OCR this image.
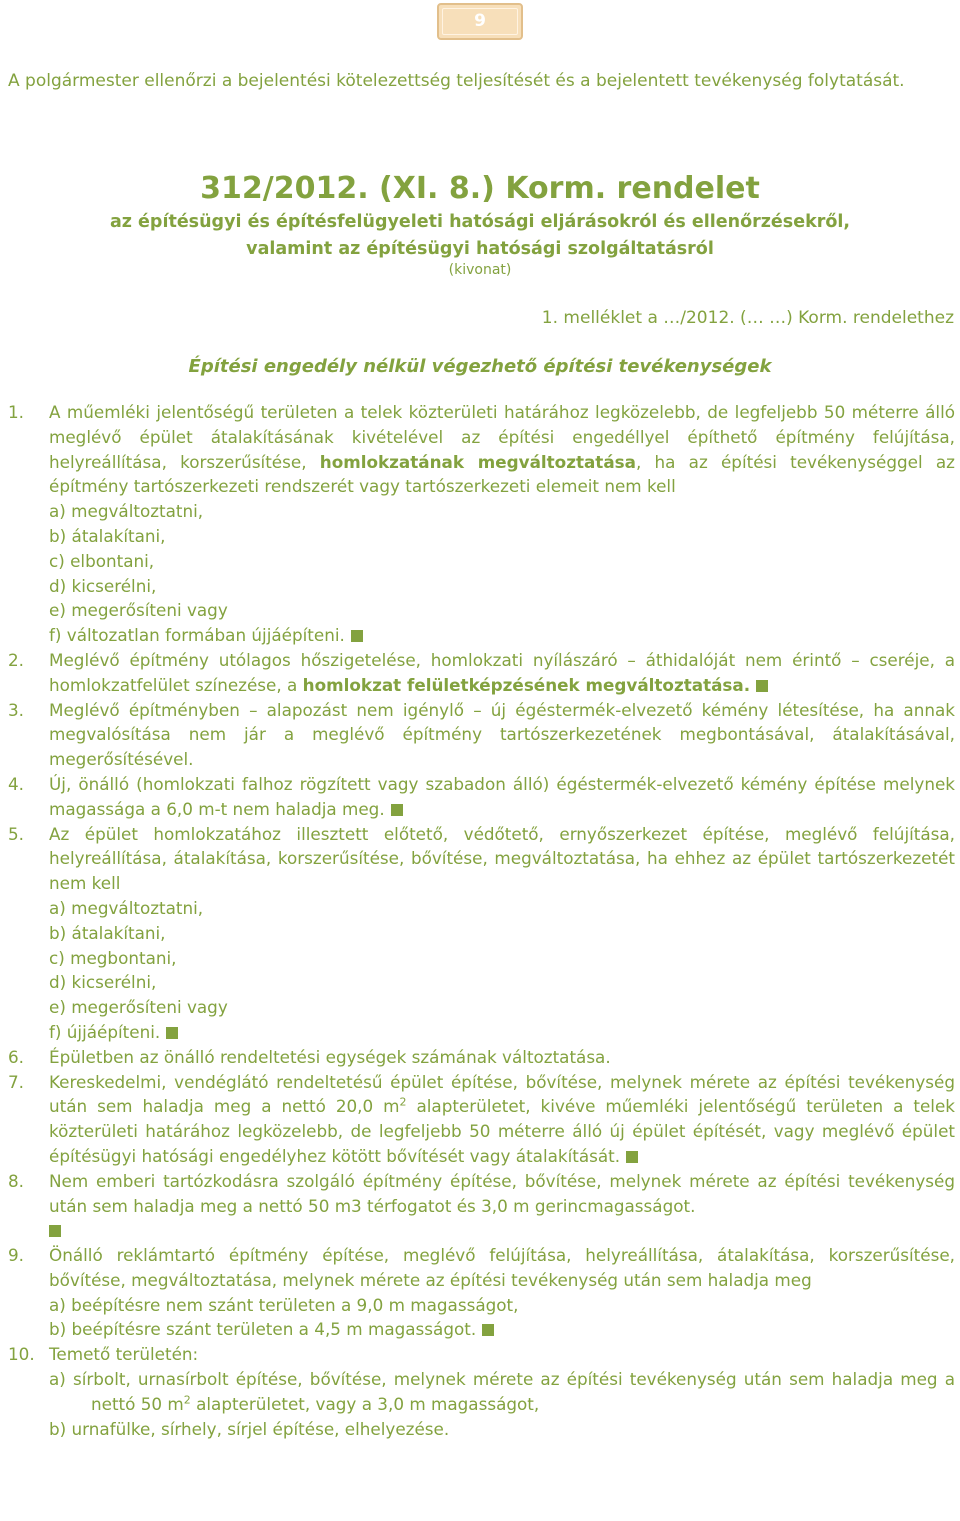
9
A polgármester ellenőrzi a bejelentési kötelezettség teljesítését és a bejelentett tevékenység folytatását.
312/2012. (XI. 8.) Korm. rendelet
az építésügyi és építésfelügyeleti hatósági eljárásokról és ellenőrzésekről,
valamint az építésügyi hatósági szolgáltatásról
(kivonat)
1. melléklet a …/2012. (… …) Korm. rendelethez
Építési engedély nélkül végezhető építési tevékenységek
1. A műemléki jelentőségű területen a telek közterületi határához legközelebb, de legfeljebb 50 méterre álló meglévő épület átalakításának kivételével az építési engedéllyel építhető építmény felújítása, helyreállítása, korszerűsítése, homlokzatának megváltoztatása, ha az építési tevékenységgel az építmény tartószerkezeti rendszerét vagy tartószerkezeti elemeit nem kell
a) megváltoztatni,
b) átalakítani,
c) elbontani,
d) kicserélni,
e) megerősíteni vagy
f) változatlan formában újjáépíteni.
2. Meglévő építmény utólagos hőszigetelése, homlokzati nyílászáró – áthidalóját nem érintő – cseréje, a homlokzatfelület színezése, a homlokzat felületképzésének megváltoztatása.
3. Meglévő építményben – alapozást nem igénylő – új égéstermék-elvezető kémény létesítése, ha annak megvalósítása nem jár a meglévő építmény tartószerkezetének megbontásával, átalakításával, megerősítésével.
4. Új, önálló (homlokzati falhoz rögzített vagy szabadon álló) égéstermék-elvezető kémény építése melynek magassága a 6,0 m-t nem haladja meg.
5. Az épület homlokzatához illesztett előtető, védőtető, ernyőszerkezet építése, meglévő felújítása, helyreállítása, átalakítása, korszerűsítése, bővítése, megváltoztatása, ha ehhez az épület tartószerkezetét nem kell
a) megváltoztatni,
b) átalakítani,
c) megbontani,
d) kicserélni,
e) megerősíteni vagy
f) újjáépíteni.
6. Épületben az önálló rendeltetési egységek számának változtatása.
7. Kereskedelmi, vendéglátó rendeltetésű épület építése, bővítése, melynek mérete az építési tevékenység után sem haladja meg a nettó 20,0 $m^2$ alapterületet, kivéve műemléki jelentőségű területen a telek közterületi határához legközelebb, de legfeljebb 50 méterre álló új épület építését, vagy meglévő épület építésügyi hatósági engedélyhez kötött bővítését vagy átalakítását.
8. Nem emberi tartózkodásra szolgáló építmény építése, bővítése, melynek mérete az építési tevékenység után sem haladja meg a nettó 50 m3 térfogatot és 3,0 m gerincmagasságot.
9. Önálló reklámtartó építmény építése, meglévő felújítása, helyreállítása, átalakítása, korszerűsítése, bővítése, megváltoztatása, melynek mérete az építési tevékenység után sem haladja meg
a) beépítésre nem szánt területen a 9,0 m magasságot,
b) beépítésre szánt területen a 4,5 m magasságot.
10. Temető területén:
a) sírbolt, urnasírbolt építése, bővítése, melynek mérete az építési tevékenység után sem haladja meg a nettó 50 $m^2$ alapterületet, vagy a 3,0 m magasságot,
b) urnafülke, sírhely, sírjel építése, elhelyezése.
